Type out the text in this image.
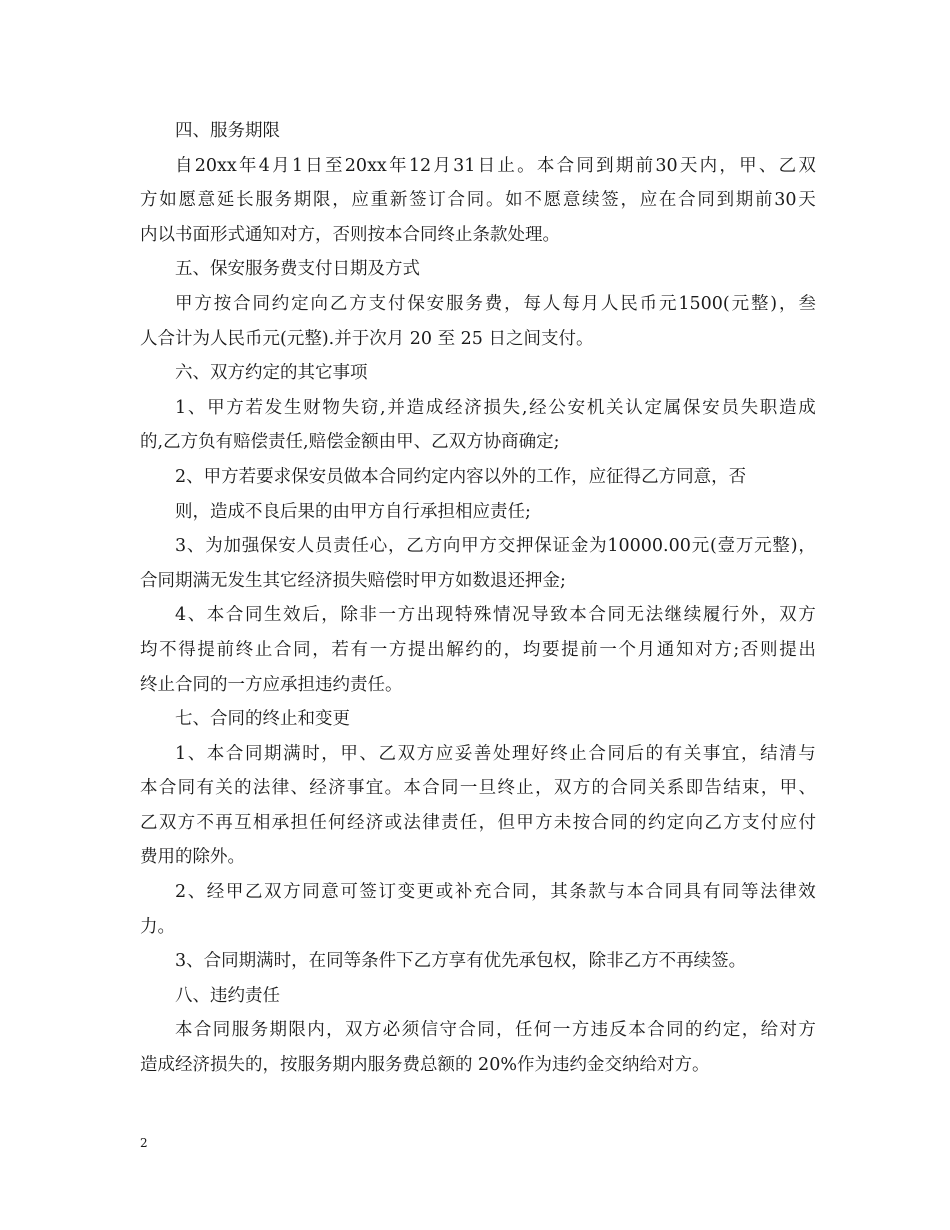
四、服务期限
自 20xx 年 4 月 1 日 至 20xx 年 12 月 31 日 止 。 本 合 同 到 期 前 30 天 内 ， 甲 、 乙 双
方 如 愿 意 延 长 服 务 期 限 ， 应 重 新 签 订 合 同 。 如 不 愿 意 续 签 ， 应 在 合 同 到 期 前 30 天
内以书面形式通知对方，否则按本合同终止条款处理。
五、保安服务费支付日期及方式
甲 方 按 合 同 约 定 向 乙 方 支 付 保 安 服 务 费 ， 每 人 每 月 人 民 币 元 1500( 元 整 ) ， 叁
人合计为人民币元(元整).并于次月 20 至 25 日之间支付。
六、双方约定的其它事项
1 、 甲 方 若 发 生 财 物 失 窃 , 并 造 成 经 济 损 失 , 经 公 安 机 关 认 定 属 保 安 员 失 职 造 成
的,乙方负有赔偿责任,赔偿金额由甲、乙双方协商确定;
2、甲方若要求保安员做本合同约定内容以外的工作，应征得乙方同意，否
则，造成不良后果的由甲方自行承担相应责任;
3 、 为 加 强 保 安 人 员 责 任 心 ， 乙 方 向 甲 方 交 押 保 证 金 为 10000.00 元 ( 壹 万 元 整 ) ，
合同期满无发生其它经济损失赔偿时甲方如数退还押金;
4 、 本 合 同 生 效 后 ， 除 非 一 方 出 现 特 殊 情 况 导 致 本 合 同 无 法 继 续 履 行 外 ， 双 方
均 不 得 提 前 终 止 合 同 ， 若 有 一 方 提 出 解 约 的 ， 均 要 提 前 一 个 月 通 知 对 方 ; 否 则 提 出
终止合同的一方应承担违约责任。
七、合同的终止和变更
1 、 本 合 同 期 满 时 ， 甲 、 乙 双 方 应 妥 善 处 理 好 终 止 合 同 后 的 有 关 事 宜 ， 结 清 与
本 合 同 有 关 的 法 律 、 经 济 事 宜 。 本 合 同 一 旦 终 止 ， 双 方 的 合 同 关 系 即 告 结 束 ， 甲 、
乙 双 方 不 再 互 相 承 担 任 何 经 济 或 法 律 责 任 ， 但 甲 方 未 按 合 同 的 约 定 向 乙 方 支 付 应 付
费用的除外。
2 、 经 甲 乙 双 方 同 意 可 签 订 变 更 或 补 充 合 同 ， 其 条 款 与 本 合 同 具 有 同 等 法 律 效
力。
3、合同期满时，在同等条件下乙方享有优先承包权，除非乙方不再续签。
八、违约责任
本 合 同 服 务 期 限 内 ， 双 方 必 须 信 守 合 同 ， 任 何 一 方 违 反 本 合 同 的 约 定 ， 给 对 方
造成经济损失的，按服务期内服务费总额的 20%作为违约金交纳给对方。
2
